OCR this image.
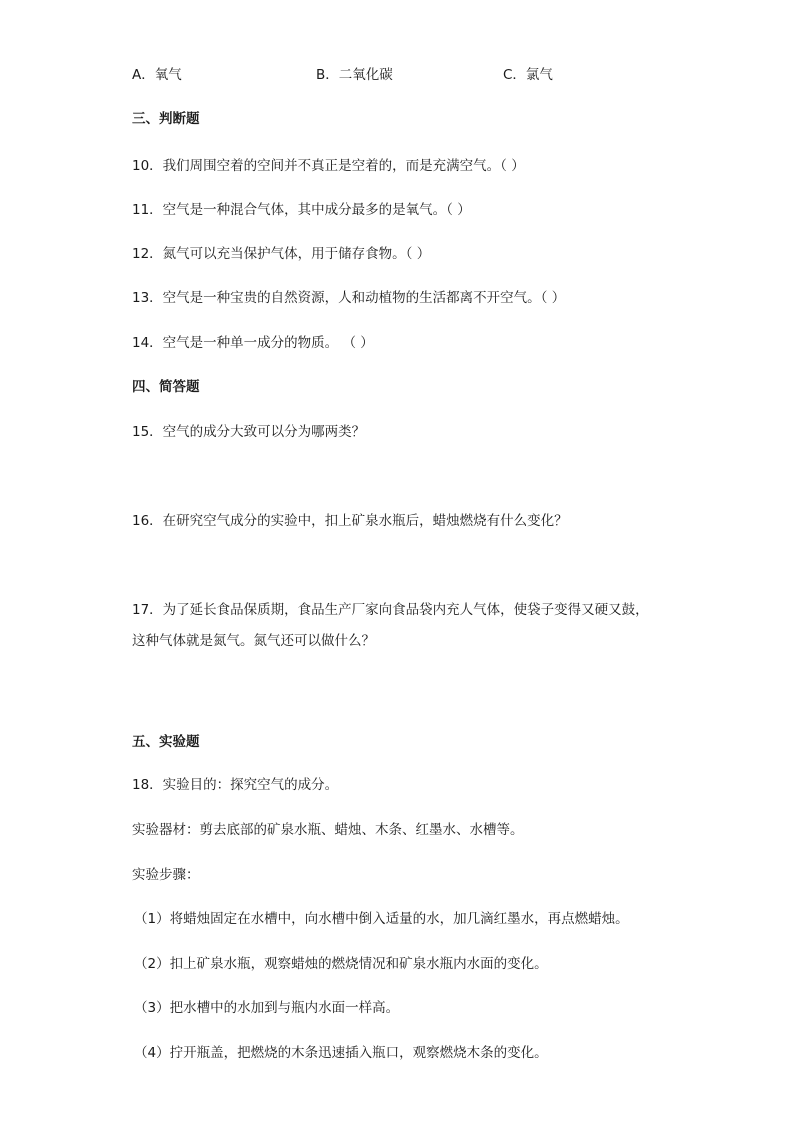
A．氧气	B．二氧化碳	C．氯气
三、判断题
10．我们周围空着的空间并不真正是空着的，而是充满空气。（ ）
11．空气是一种混合气体，其中成分最多的是氧气。（ ）
12．氮气可以充当保护气体，用于储存食物。（ ）
13．空气是一种宝贵的自然资源，人和动植物的生活都离不开空气。（ ）
14．空气是一种单一成分的物质。 （ ）
四、简答题
15．空气的成分大致可以分为哪两类？
16．在研究空气成分的实验中，扣上矿泉水瓶后，蜡烛燃烧有什么变化？
17．为了延长食品保质期，食品生产厂家向食品袋内充人气体，使袋子变得又硬又鼓，
这种气体就是氮气。氮气还可以做什么？
五、实验题
18．实验目的：探究空气的成分。
实验器材：剪去底部的矿泉水瓶、蜡烛、木条、红墨水、水槽等。
实验步骤：
（1）将蜡烛固定在水槽中，向水槽中倒入适量的水，加几滴红墨水，再点燃蜡烛。
（2）扣上矿泉水瓶，观察蜡烛的燃烧情况和矿泉水瓶内水面的变化。
（3）把水槽中的水加到与瓶内水面一样高。
（4）拧开瓶盖，把燃烧的木条迅速插入瓶口，观察燃烧木条的变化。
